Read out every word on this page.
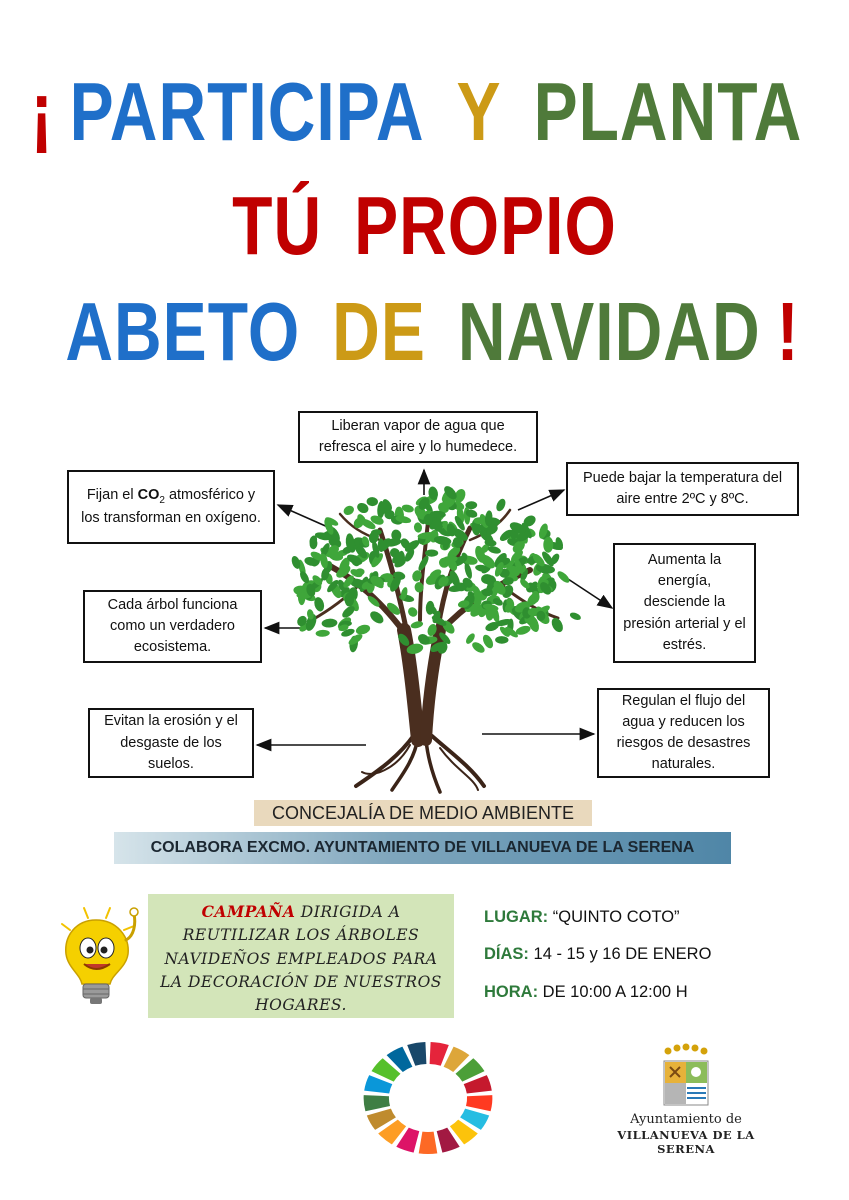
¡ PARTICIPA Y PLANTA
TÚ PROPIO
ABETO DE NAVIDAD !
Liberan vapor de agua que refresca el aire y lo humedece.
Fijan el $CO_2$ atmosférico y los transforman en oxígeno.
Puede bajar la temperatura del aire entre 2ºC y 8ºC.
Aumenta la energía, desciende la presión arterial y el estrés.
Cada árbol funciona como un verdadero ecosistema.
Evitan la erosión y el desgaste de los suelos.
Regulan el flujo del agua y reducen los riesgos de desastres naturales.
CONCEJALÍA DE MEDIO AMBIENTE
COLABORA EXCMO. AYUNTAMIENTO DE VILLANUEVA DE LA SERENA
CAMPAÑA DIRIGIDA A REUTILIZAR LOS ÁRBOLES NAVIDEÑOS EMPLEADOS PARA LA DECORACIÓN DE NUESTROS HOGARES.
LUGAR: “QUINTO COTO”
DÍAS: 14 - 15 y 16 DE ENERO
HORA: DE 10:00 A 12:00 H
Ayuntamiento de
VILLANUEVA DE LA SERENA
